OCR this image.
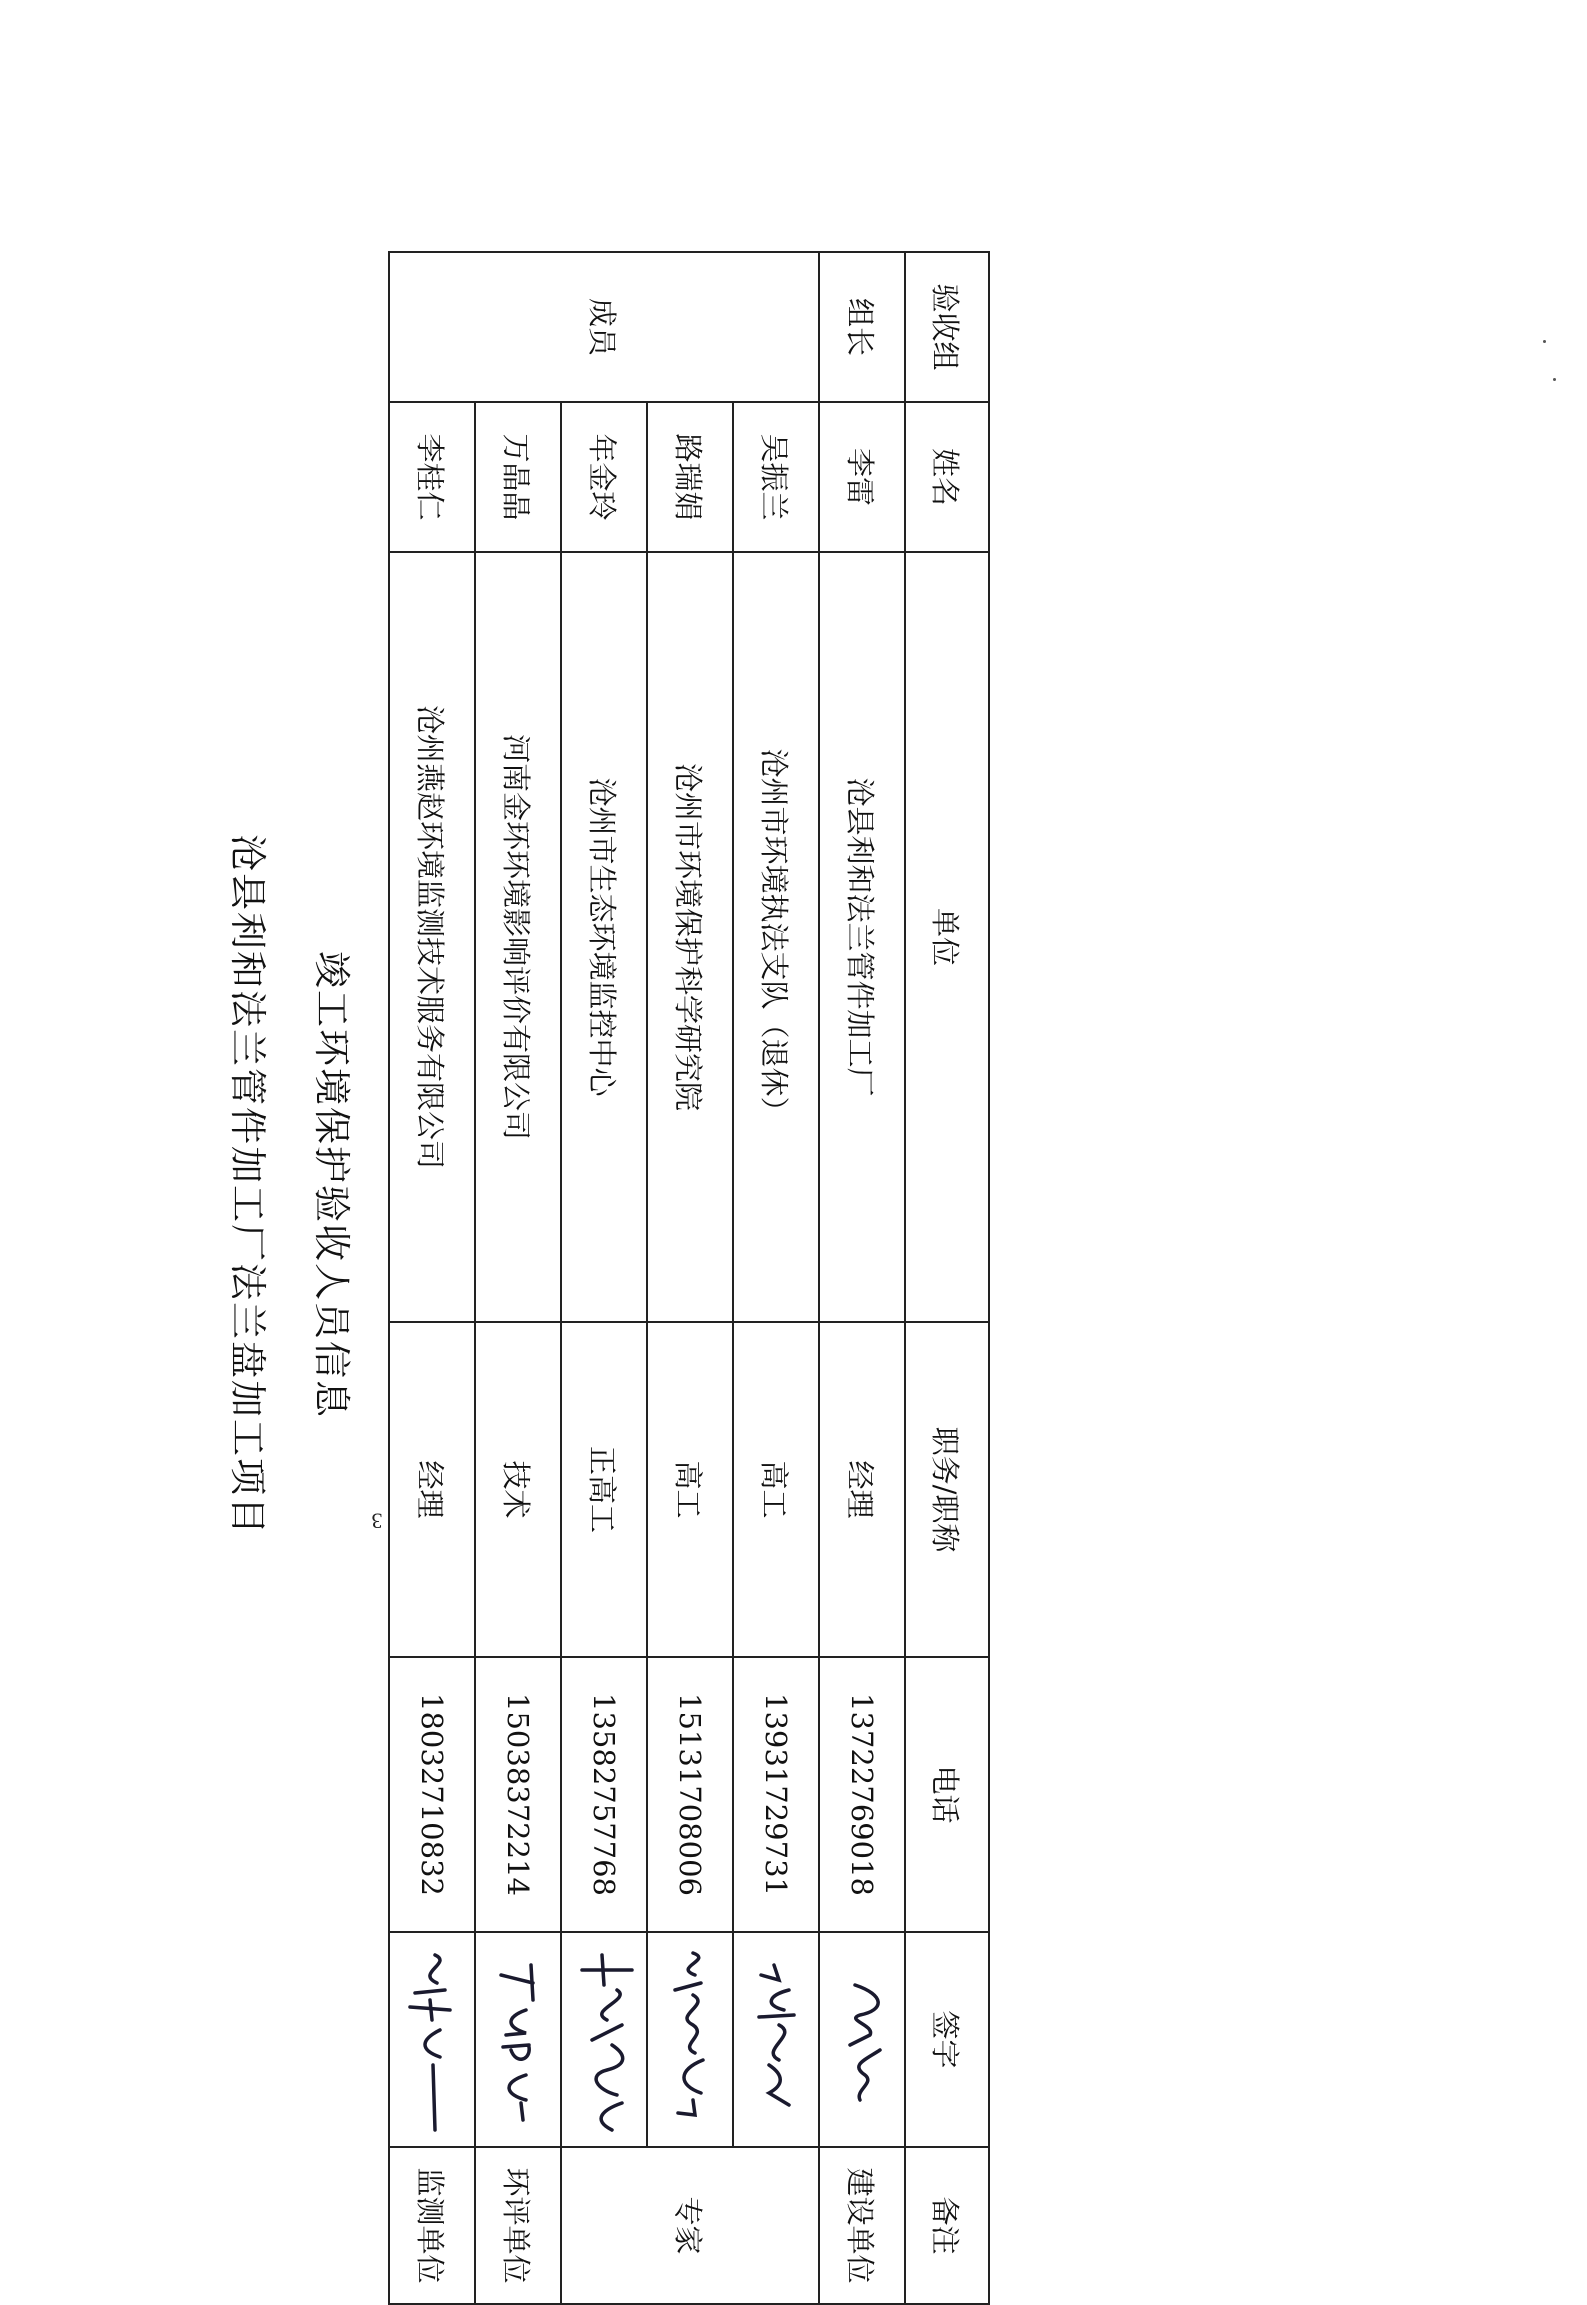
沧县利和法兰管件加工厂法兰盘加工项目 竣工环境保护验收人员信息
验收组	姓名	单位	职务/职称	电话	签字	备注
组长	李雷	沧县利和法兰管件加工厂	经理	13722769018		建设单位
成员	吴振兰	沧州市环境执法支队（退休）	高工	13931729731		专家
	路瑞娟	沧州市环境保护科学研究院	高工	15131708006	
	年金玲	沧州市生态环境监控中心	正高工	13582757768	
	万晶晶	河南金环环境影响评价有限公司	技术	15038372214		环评单位
	李桂仁	沧州燕赵环境监测技术服务有限公司	经理	18032710832		监测单位
3
